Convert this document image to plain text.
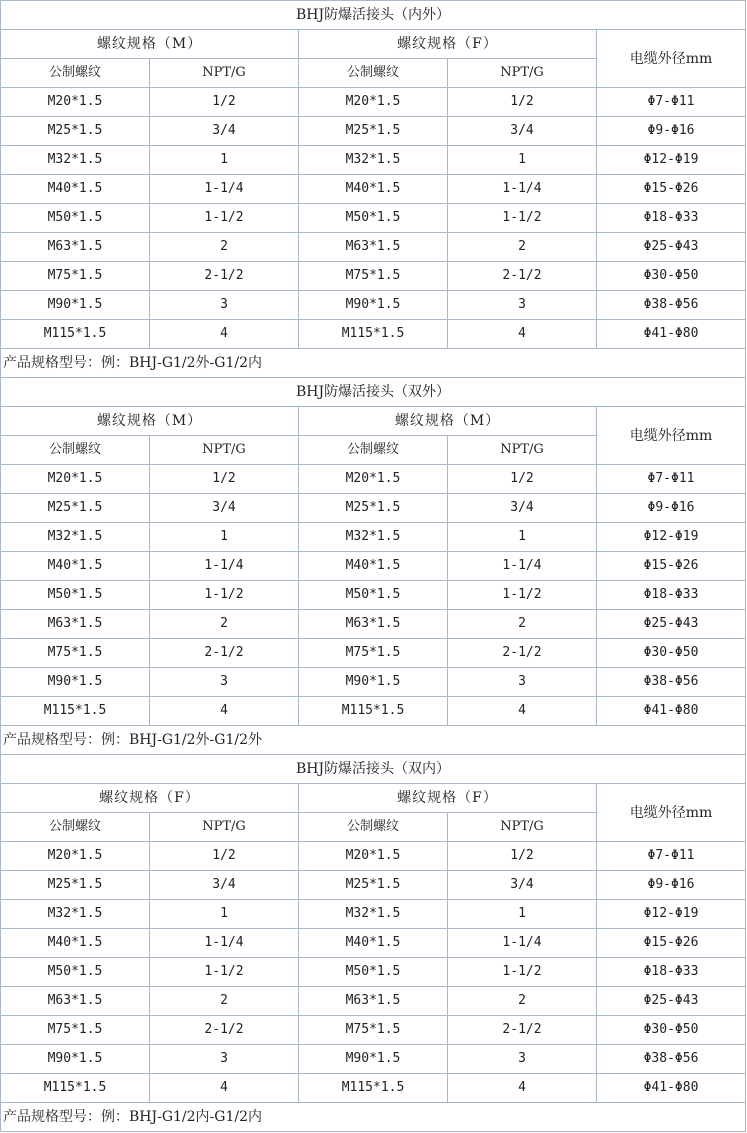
BHJ防爆活接头（内外）				
螺纹规格（M）		螺纹规格（F）		电缆外径mm
公制螺纹	NPT/G	公制螺纹	NPT/G	
M20*1.5	1/2	M20*1.5	1/2	Φ7-Φ11
M25*1.5	3/4	M25*1.5	3/4	Φ9-Φ16
M32*1.5	1	M32*1.5	1	Φ12-Φ19
M40*1.5	1-1/4	M40*1.5	1-1/4	Φ15-Φ26
M50*1.5	1-1/2	M50*1.5	1-1/2	Φ18-Φ33
M63*1.5	2	M63*1.5	2	Φ25-Φ43
M75*1.5	2-1/2	M75*1.5	2-1/2	Φ30-Φ50
M90*1.5	3	M90*1.5	3	Φ38-Φ56
M115*1.5	4	M115*1.5	4	Φ41-Φ80
产品规格型号：例：BHJ-G1/2外-G1/2内				
BHJ防爆活接头（双外）				
螺纹规格（M）		螺纹规格（M）		电缆外径mm
公制螺纹	NPT/G	公制螺纹	NPT/G	
M20*1.5	1/2	M20*1.5	1/2	Φ7-Φ11
M25*1.5	3/4	M25*1.5	3/4	Φ9-Φ16
M32*1.5	1	M32*1.5	1	Φ12-Φ19
M40*1.5	1-1/4	M40*1.5	1-1/4	Φ15-Φ26
M50*1.5	1-1/2	M50*1.5	1-1/2	Φ18-Φ33
M63*1.5	2	M63*1.5	2	Φ25-Φ43
M75*1.5	2-1/2	M75*1.5	2-1/2	Φ30-Φ50
M90*1.5	3	M90*1.5	3	Φ38-Φ56
M115*1.5	4	M115*1.5	4	Φ41-Φ80
产品规格型号：例：BHJ-G1/2外-G1/2外				
BHJ防爆活接头（双内）				
螺纹规格（F）		螺纹规格（F）		电缆外径mm
公制螺纹	NPT/G	公制螺纹	NPT/G	
M20*1.5	1/2	M20*1.5	1/2	Φ7-Φ11
M25*1.5	3/4	M25*1.5	3/4	Φ9-Φ16
M32*1.5	1	M32*1.5	1	Φ12-Φ19
M40*1.5	1-1/4	M40*1.5	1-1/4	Φ15-Φ26
M50*1.5	1-1/2	M50*1.5	1-1/2	Φ18-Φ33
M63*1.5	2	M63*1.5	2	Φ25-Φ43
M75*1.5	2-1/2	M75*1.5	2-1/2	Φ30-Φ50
M90*1.5	3	M90*1.5	3	Φ38-Φ56
M115*1.5	4	M115*1.5	4	Φ41-Φ80
产品规格型号：例：BHJ-G1/2内-G1/2内				
